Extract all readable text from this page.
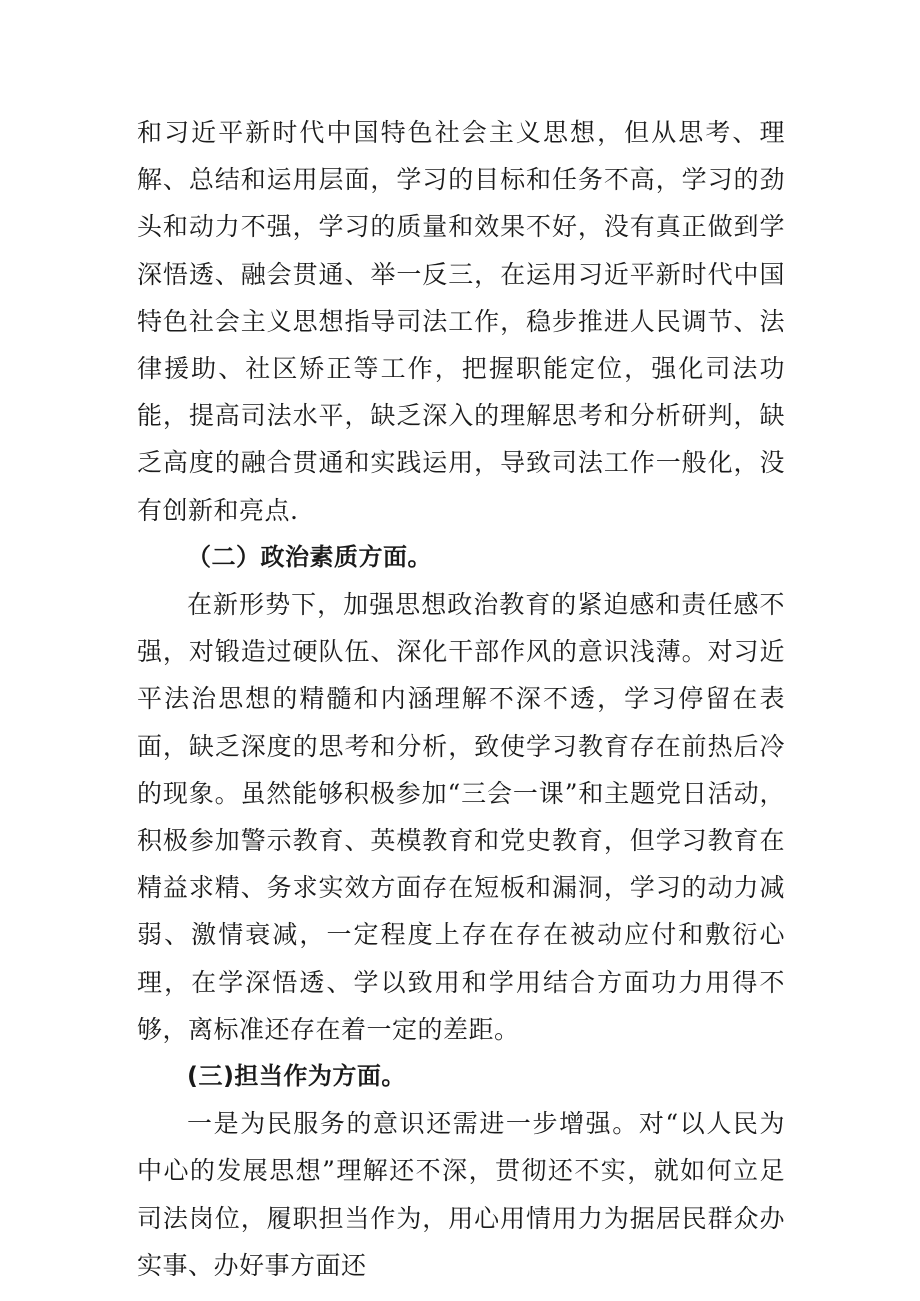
和习近平新时代中国特色社会主义思想，但从思考、理解、总结和运用层面，学习的目标和任务不高，学习的劲头和动力不强，学习的质量和效果不好，没有真正做到学深悟透、融会贯通、举一反三，在运用习近平新时代中国特色社会主义思想指导司法工作，稳步推进人民调节、法律援助、社区矫正等工作，把握职能定位，强化司法功能，提高司法水平，缺乏深入的理解思考和分析研判，缺乏高度的融合贯通和实践运用，导致司法工作一般化，没有创新和亮点.

（二）政治素质方面。

在新形势下，加强思想政治教育的紧迫感和责任感不强，对锻造过硬队伍、深化干部作风的意识浅薄。对习近平法治思想的精髓和内涵理解不深不透，学习停留在表面，缺乏深度的思考和分析，致使学习教育存在前热后冷的现象。虽然能够积极参加“三会一课”和主题党日活动，积极参加警示教育、英模教育和党史教育，但学习教育在精益求精、务求实效方面存在短板和漏洞，学习的动力减弱、激情衰减，一定程度上存在存在被动应付和敷衍心理，在学深悟透、学以致用和学用结合方面功力用得不够，离标准还存在着一定的差距。

(三)担当作为方面。

一是为民服务的意识还需进一步增强。对“以人民为中心的发展思想”理解还不深，贯彻还不实，就如何立足司法岗位，履职担当作为，用心用情用力为据居民群众办实事、办好事方面还
